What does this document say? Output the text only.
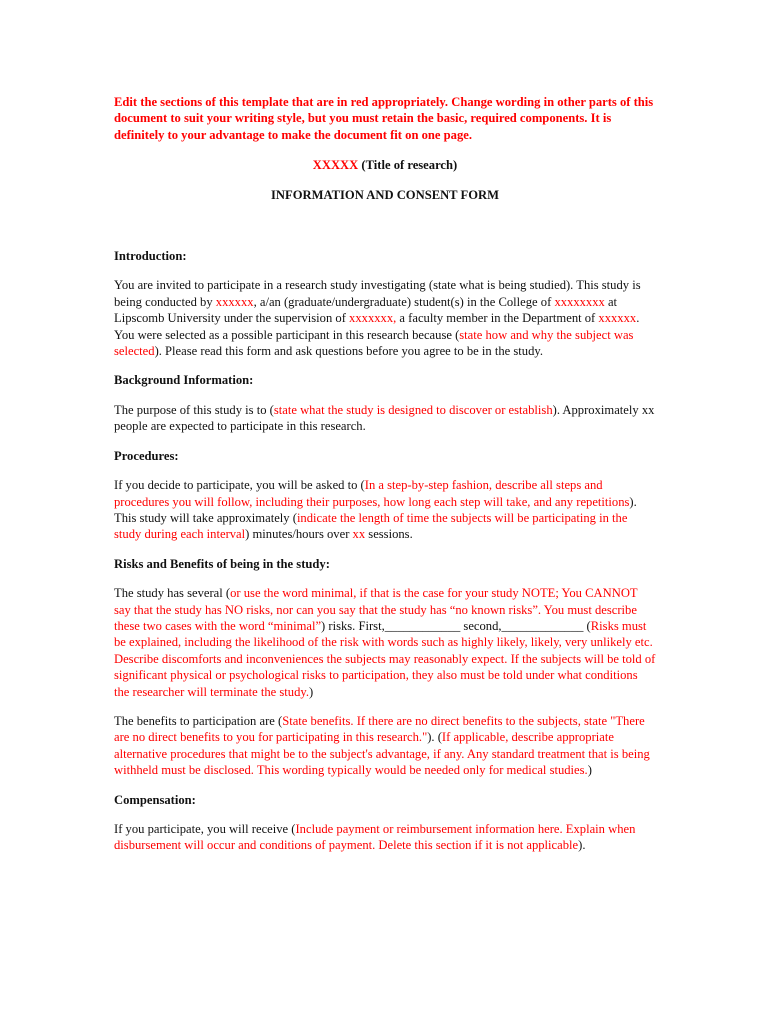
Edit the sections of this template that are in red appropriately. Change wording in other parts of this document to suit your writing style, but you must retain the basic, required components. It is definitely to your advantage to make the document fit on one page.

XXXXX (Title of research)
INFORMATION AND CONSENT FORM
Introduction:

You are invited to participate in a research study investigating (state what is being studied). This study is being conducted by xxxxxx, a/an (graduate/undergraduate) student(s) in the College of xxxxxxxx at Lipscomb University under the supervision of xxxxxxx, a faculty member in the Department of xxxxxx. You were selected as a possible participant in this research because (state how and why the subject was selected). Please read this form and ask questions before you agree to be in the study.

Background Information:

The purpose of this study is to (state what the study is designed to discover or establish). Approximately xx people are expected to participate in this research.

Procedures:

If you decide to participate, you will be asked to (In a step-by-step fashion, describe all steps and procedures you will follow, including their purposes, how long each step will take, and any repetitions). This study will take approximately (indicate the length of time the subjects will be participating in the study during each interval) minutes/hours over xx sessions.

Risks and Benefits of being in the study:

The study has several (or use the word minimal, if that is the case for your study NOTE; You CANNOT say that the study has NO risks, nor can you say that the study has “no known risks”. You must describe these two cases with the word “minimal”) risks. First,____________ second,_____________ (Risks must be explained, including the likelihood of the risk with words such as highly likely, likely, very unlikely etc. Describe discomforts and inconveniences the subjects may reasonably expect. If the subjects will be told of significant physical or psychological risks to participation, they also must be told under what conditions the researcher will terminate the study.)

The benefits to participation are (State benefits. If there are no direct benefits to the subjects, state "There are no direct benefits to you for participating in this research."). (If applicable, describe appropriate alternative procedures that might be to the subject's advantage, if any. Any standard treatment that is being withheld must be disclosed. This wording typically would be needed only for medical studies.)

Compensation:

If you participate, you will receive (Include payment or reimbursement information here. Explain when disbursement will occur and conditions of payment. Delete this section if it is not applicable).
